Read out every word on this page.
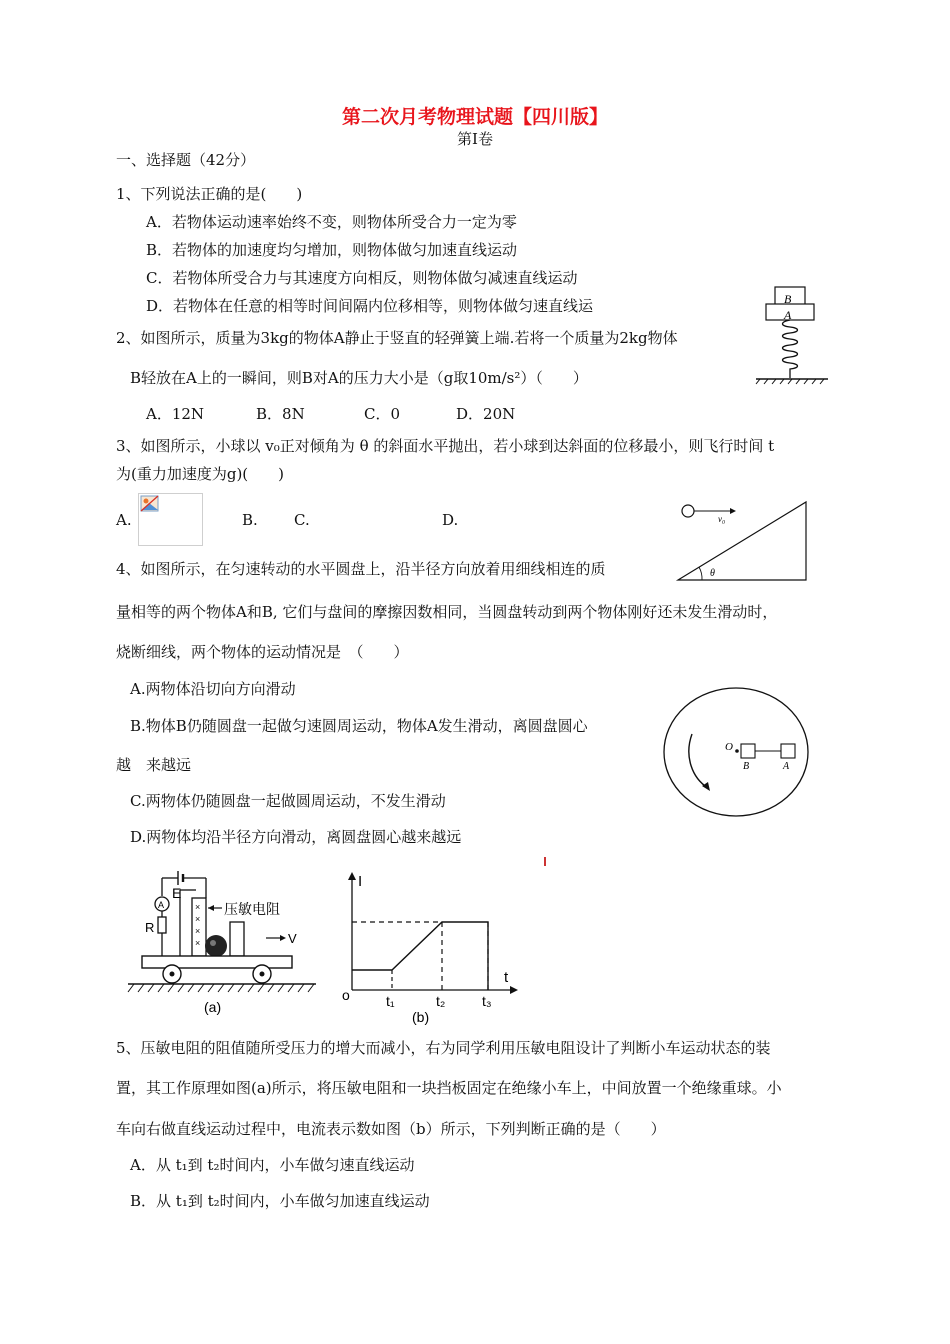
第二次月考物理试题【四川版】
第Ⅰ卷
一、选择题（42分）
1、下列说法正确的是(　　)
A．若物体运动速率始终不变，则物体所受合力一定为零
B．若物体的加速度均匀增加，则物体做匀加速直线运动
C．若物体所受合力与其速度方向相反，则物体做匀减速直线运动
D．若物体在任意的相等时间间隔内位移相等，则物体做匀速直线运	B
A
2、如图所示，质量为3kg的物体A静止于竖直的轻弹簧上端.若将一个质量为2kg物体
B轻放在A上的一瞬间，则B对A的压力大小是（g取10m/s²）（　　）
A．12N	B．8N	C．0	D．20N
3、如图所示，小球以 v₀正对倾角为 θ 的斜面水平抛出，若小球到达斜面的位移最小，则飞行时间 t
为(重力加速度为g)(　　)
A.	B. C.	D.	v₀
θ
4、如图所示，在匀速转动的水平圆盘上，沿半径方向放着用细线相连的质
量相等的两个物体A和B, 它们与盘间的摩擦因数相同，当圆盘转动到两个物体刚好还未发生滑动时，
烧断细线，两个物体的运动情况是　（　　）
A.两物体沿切向方向滑动
B.物体B仍随圆盘一起做匀速圆周运动，物体A发生滑动，离圆盘圆心
越　来越远
C.两物体仍随圆盘一起做圆周运动，不发生滑动
D.两物体均沿半径方向滑动，离圆盘圆心越来越远
O
B	A
E
A
R
×
×
×
×
压敏电阻
V
(a)
I
t
o	t₁	t₂	t₃
(b)
5、压敏电阻的阻值随所受压力的增大而减小，右为同学利用压敏电阻设计了判断小车运动状态的装
置，其工作原理如图(a)所示，将压敏电阻和一块挡板固定在绝缘小车上，中间放置一个绝缘重球。小
车向右做直线运动过程中，电流表示数如图（b）所示，下列判断正确的是（　　）
A．从 t₁到 t₂时间内，小车做匀速直线运动
B．从 t₁到 t₂时间内，小车做匀加速直线运动
